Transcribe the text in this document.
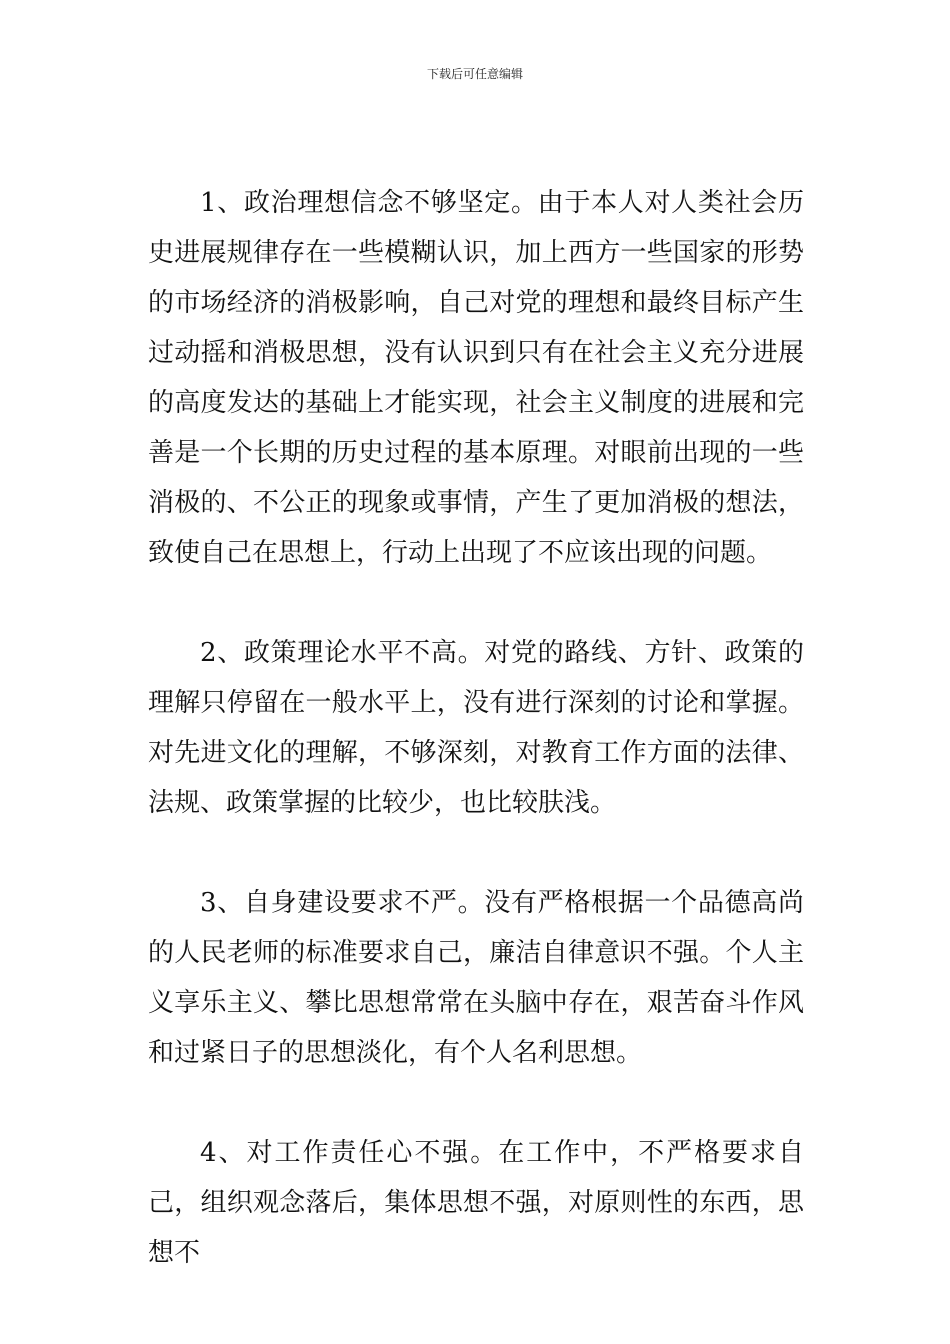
下载后可任意编辑

1、政治理想信念不够坚定。由于本人对人类社会历史进展规律存在一些模糊认识，加上西方一些国家的形势的市场经济的消极影响，自己对党的理想和最终目标产生过动摇和消极思想，没有认识到只有在社会主义充分进展的高度发达的基础上才能实现，社会主义制度的进展和完善是一个长期的历史过程的基本原理。对眼前出现的一些消极的、不公正的现象或事情，产生了更加消极的想法，致使自己在思想上，行动上出现了不应该出现的问题。

2、政策理论水平不高。对党的路线、方针、政策的理解只停留在一般水平上，没有进行深刻的讨论和掌握。对先进文化的理解，不够深刻，对教育工作方面的法律、法规、政策掌握的比较少，也比较肤浅。

3、自身建设要求不严。没有严格根据一个品德高尚的人民老师的标准要求自己，廉洁自律意识不强。个人主义享乐主义、攀比思想常常在头脑中存在，艰苦奋斗作风和过紧日子的思想淡化，有个人名利思想。

4、对工作责任心不强。在工作中，不严格要求自己，组织观念落后，集体思想不强，对原则性的东西，思想不
